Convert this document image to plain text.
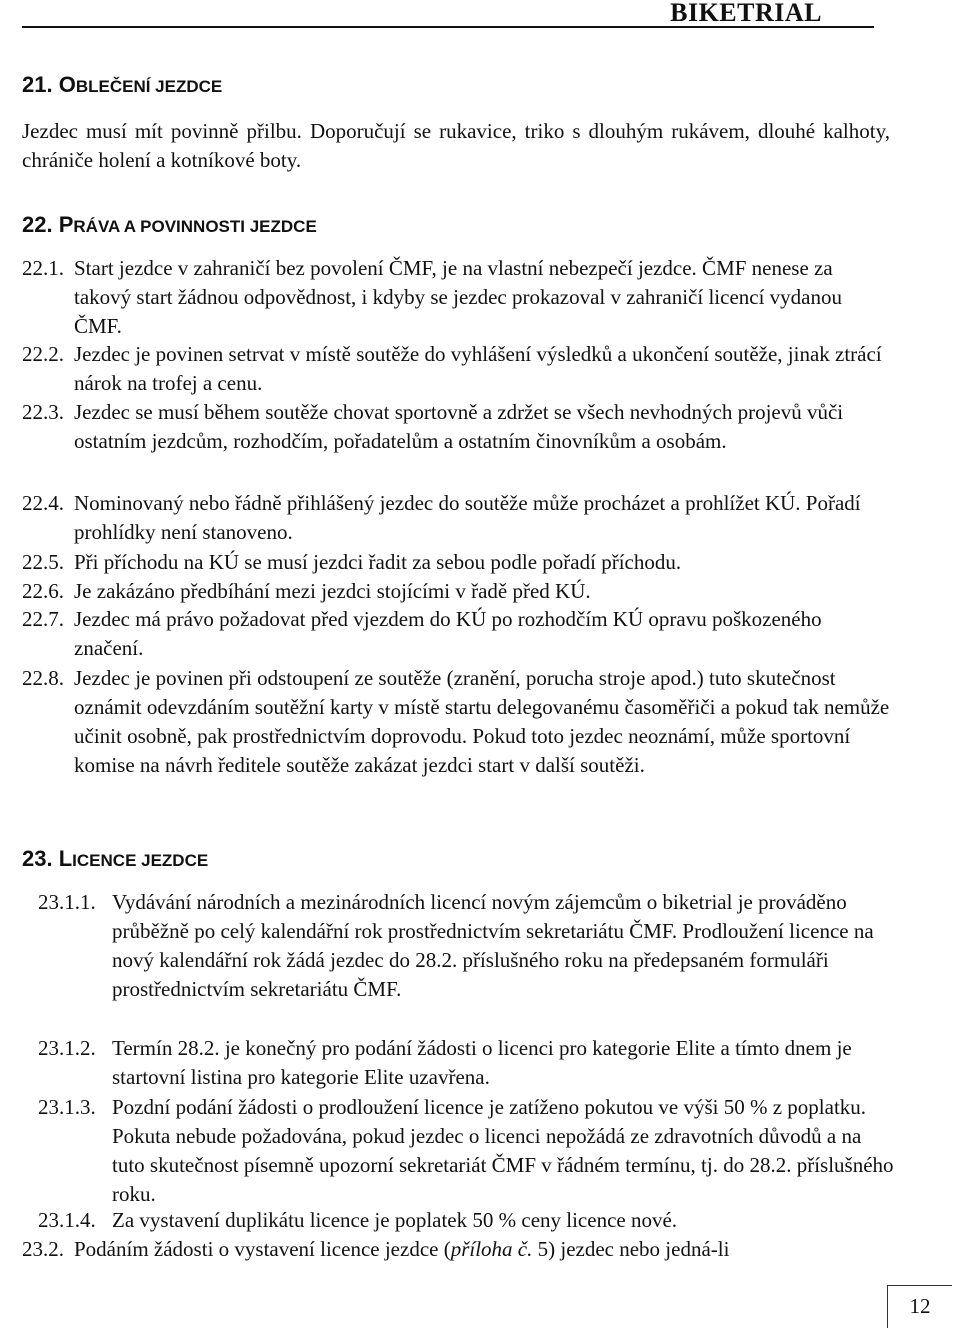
BIKETRIAL
21. OBLEČENÍ JEZDCE
Jezdec musí mít povinně přilbu. Doporučují se rukavice, triko s dlouhým rukávem, dlouhé kalhoty, chrániče holení a kotníkové boty.
22. PRÁVA A POVINNOSTI JEZDCE
22.1. Start jezdce v zahraničí bez povolení ČMF, je na vlastní nebezpečí jezdce. ČMF nenese za takový start žádnou odpovědnost, i kdyby se jezdec prokazoval v zahraničí licencí vydanou ČMF.
22.2. Jezdec je povinen setrvat v místě soutěže do vyhlášení výsledků a ukončení soutěže, jinak ztrácí nárok na trofej a cenu.
22.3. Jezdec se musí během soutěže chovat sportovně a zdržet se všech nevhodných projevů vůči ostatním jezdcům, rozhodčím, pořadatelům a ostatním činovníkům a osobám.
22.4. Nominovaný nebo řádně přihlášený jezdec do soutěže může procházet a prohlížet KÚ. Pořadí prohlídky není stanoveno.
22.5. Při příchodu na KÚ se musí jezdci řadit za sebou podle pořadí příchodu.
22.6. Je zakázáno předbíhání mezi jezdci stojícími v řadě před KÚ.
22.7. Jezdec má právo požadovat před vjezdem do KÚ po rozhodčím KÚ opravu poškozeného značení.
22.8. Jezdec je povinen při odstoupení ze soutěže (zranění, porucha stroje apod.) tuto skutečnost oznámit odevzdáním soutěžní karty v místě startu delegovanému časoměřiči a pokud tak nemůže učinit osobně, pak prostřednictvím doprovodu. Pokud toto jezdec neoznámí, může sportovní komise na návrh ředitele soutěže zakázat jezdci start v další soutěži.
23. LICENCE JEZDCE
23.1.1. Vydávání národních a mezinárodních licencí novým zájemcům o biketrial je prováděno průběžně po celý kalendářní rok prostřednictvím sekretariátu ČMF. Prodloužení licence na nový kalendářní rok žádá jezdec do 28.2. příslušného roku na předepsaném formuláři prostřednictvím sekretariátu ČMF.
23.1.2. Termín 28.2. je konečný pro podání žádosti o licenci pro kategorie Elite a tímto dnem je startovní listina pro kategorie Elite uzavřena.
23.1.3. Pozdní podání žádosti o prodloužení licence je zatíženo pokutou ve výši 50 % z poplatku. Pokuta nebude požadována, pokud jezdec o licenci nepožádá ze zdravotních důvodů a na tuto skutečnost písemně upozorní sekretariát ČMF v řádném termínu, tj. do 28.2. příslušného roku.
23.1.4. Za vystavení duplikátu licence je poplatek 50 % ceny licence nové.
23.2. Podáním žádosti o vystavení licence jezdce (příloha č. 5) jezdec nebo jedná-li
12
